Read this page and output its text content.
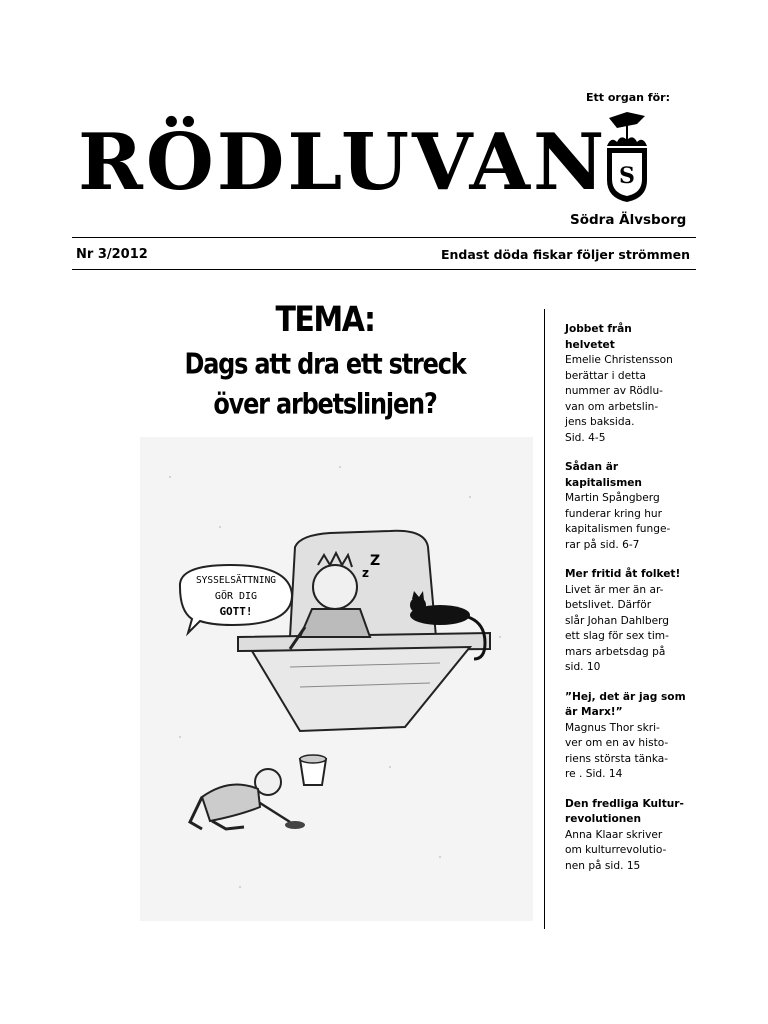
RÖDLUVAN
Ett organ för:
S
Södra Älvsborg
Nr 3/2012	Endast döda fiskar följer strömmen
TEMA:
Dags att dra ett streck
över arbetslinjen?
z
Z
SYSSELSÄTTNING
GÖR DIG
GOTT!
Jobbet från
helvetet
Emelie Christensson
berättar i detta
nummer av Rödlu-
van om arbetslin-
jens baksida.
Sid. 4-5
Sådan är
kapitalismen
Martin Spångberg
funderar kring hur
kapitalismen funge-
rar på sid. 6-7
Mer fritid åt folket!
Livet är mer än ar-
betslivet. Därför
slår Johan Dahlberg
ett slag för sex tim-
mars arbetsdag på
sid. 10
”Hej, det är jag som
är Marx!”
Magnus Thor skri-
ver om en av histo-
riens största tänka-
re . Sid. 14
Den fredliga Kultur-
revolutionen
Anna Klaar skriver
om kulturrevolutio-
nen på sid. 15
